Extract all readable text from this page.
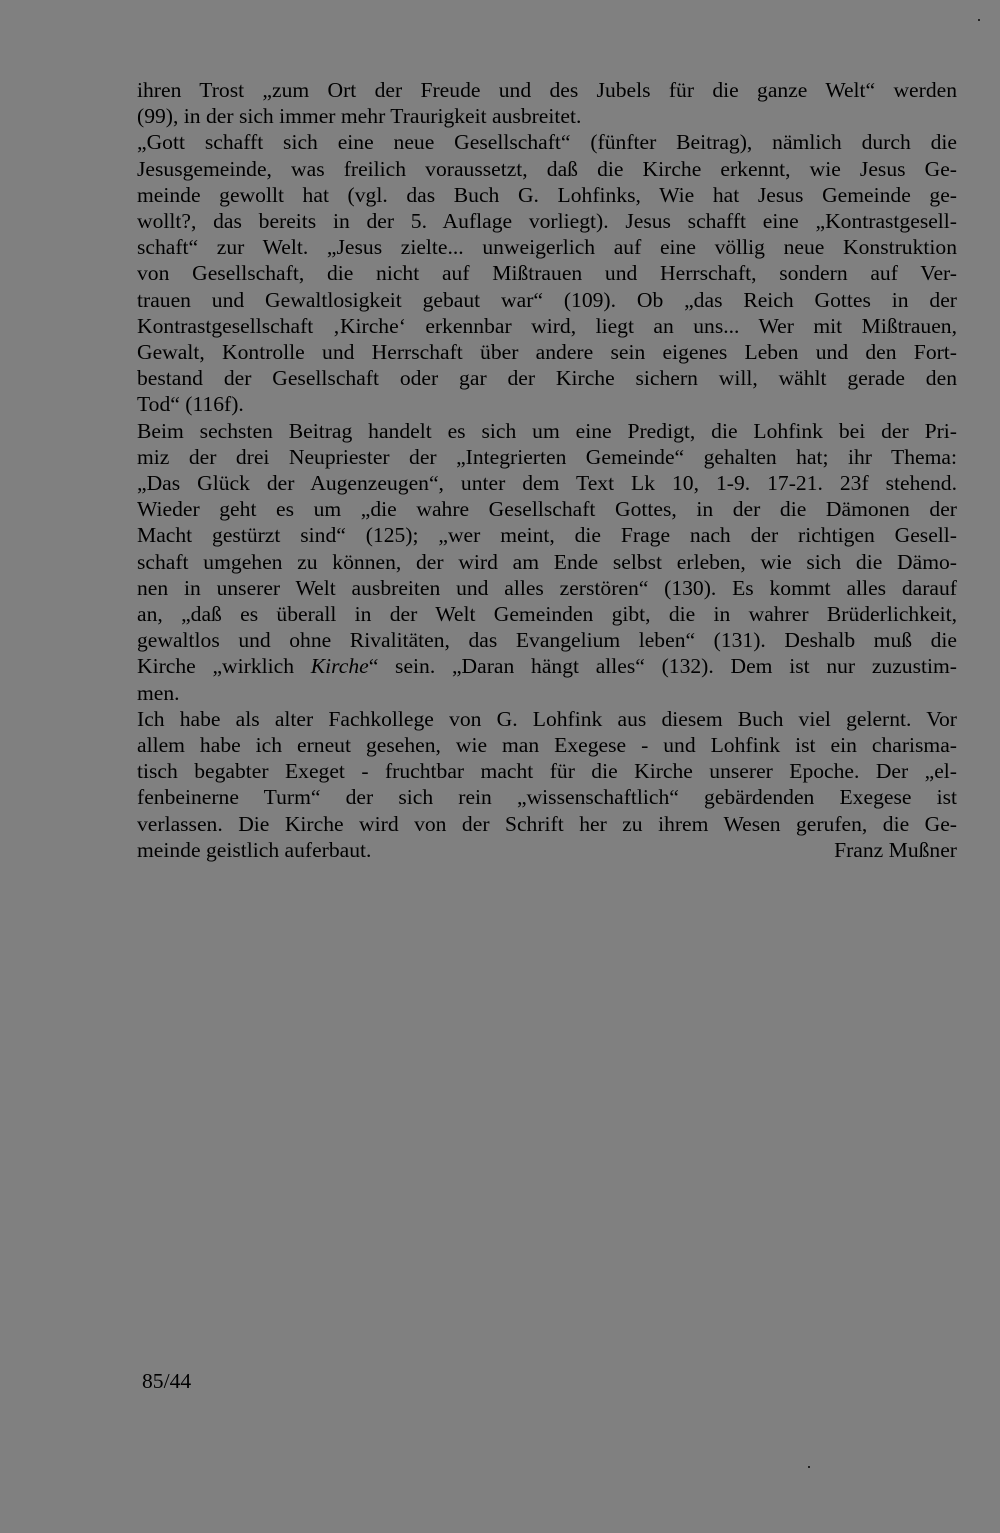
ihren Trost „zum Ort der Freude und des Jubels für die ganze Welt“ werden
(99), in der sich immer mehr Traurigkeit ausbreitet.
„Gott schafft sich eine neue Gesellschaft“ (fünfter Beitrag), nämlich durch die
Jesusgemeinde, was freilich voraussetzt, daß die Kirche erkennt, wie Jesus Ge-
meinde gewollt hat (vgl. das Buch G. Lohfinks, Wie hat Jesus Gemeinde ge-
wollt?, das bereits in der 5. Auflage vorliegt). Jesus schafft eine „Kontrastgesell-
schaft“ zur Welt. „Jesus zielte... unweigerlich auf eine völlig neue Konstruktion
von Gesellschaft, die nicht auf Mißtrauen und Herrschaft, sondern auf Ver-
trauen und Gewaltlosigkeit gebaut war“ (109). Ob „das Reich Gottes in der
Kontrastgesellschaft ‚Kirche‘ erkennbar wird, liegt an uns... Wer mit Mißtrauen,
Gewalt, Kontrolle und Herrschaft über andere sein eigenes Leben und den Fort-
bestand der Gesellschaft oder gar der Kirche sichern will, wählt gerade den
Tod“ (116f).
Beim sechsten Beitrag handelt es sich um eine Predigt, die Lohfink bei der Pri-
miz der drei Neupriester der „Integrierten Gemeinde“ gehalten hat; ihr Thema:
„Das Glück der Augenzeugen“, unter dem Text Lk 10, 1-9. 17-21. 23f stehend.
Wieder geht es um „die wahre Gesellschaft Gottes, in der die Dämonen der
Macht gestürzt sind“ (125); „wer meint, die Frage nach der richtigen Gesell-
schaft umgehen zu können, der wird am Ende selbst erleben, wie sich die Dämo-
nen in unserer Welt ausbreiten und alles zerstören“ (130). Es kommt alles darauf
an, „daß es überall in der Welt Gemeinden gibt, die in wahrer Brüderlichkeit,
gewaltlos und ohne Rivalitäten, das Evangelium leben“ (131). Deshalb muß die
Kirche „wirklich Kirche“ sein. „Daran hängt alles“ (132). Dem ist nur zuzustim-
men.
Ich habe als alter Fachkollege von G. Lohfink aus diesem Buch viel gelernt. Vor
allem habe ich erneut gesehen, wie man Exegese - und Lohfink ist ein charisma-
tisch begabter Exeget - fruchtbar macht für die Kirche unserer Epoche. Der „el-
fenbeinerne Turm“ der sich rein „wissenschaftlich“ gebärdenden Exegese ist
verlassen. Die Kirche wird von der Schrift her zu ihrem Wesen gerufen, die Ge-
meinde geistlich auferbaut.	Franz Mußner
85/44
